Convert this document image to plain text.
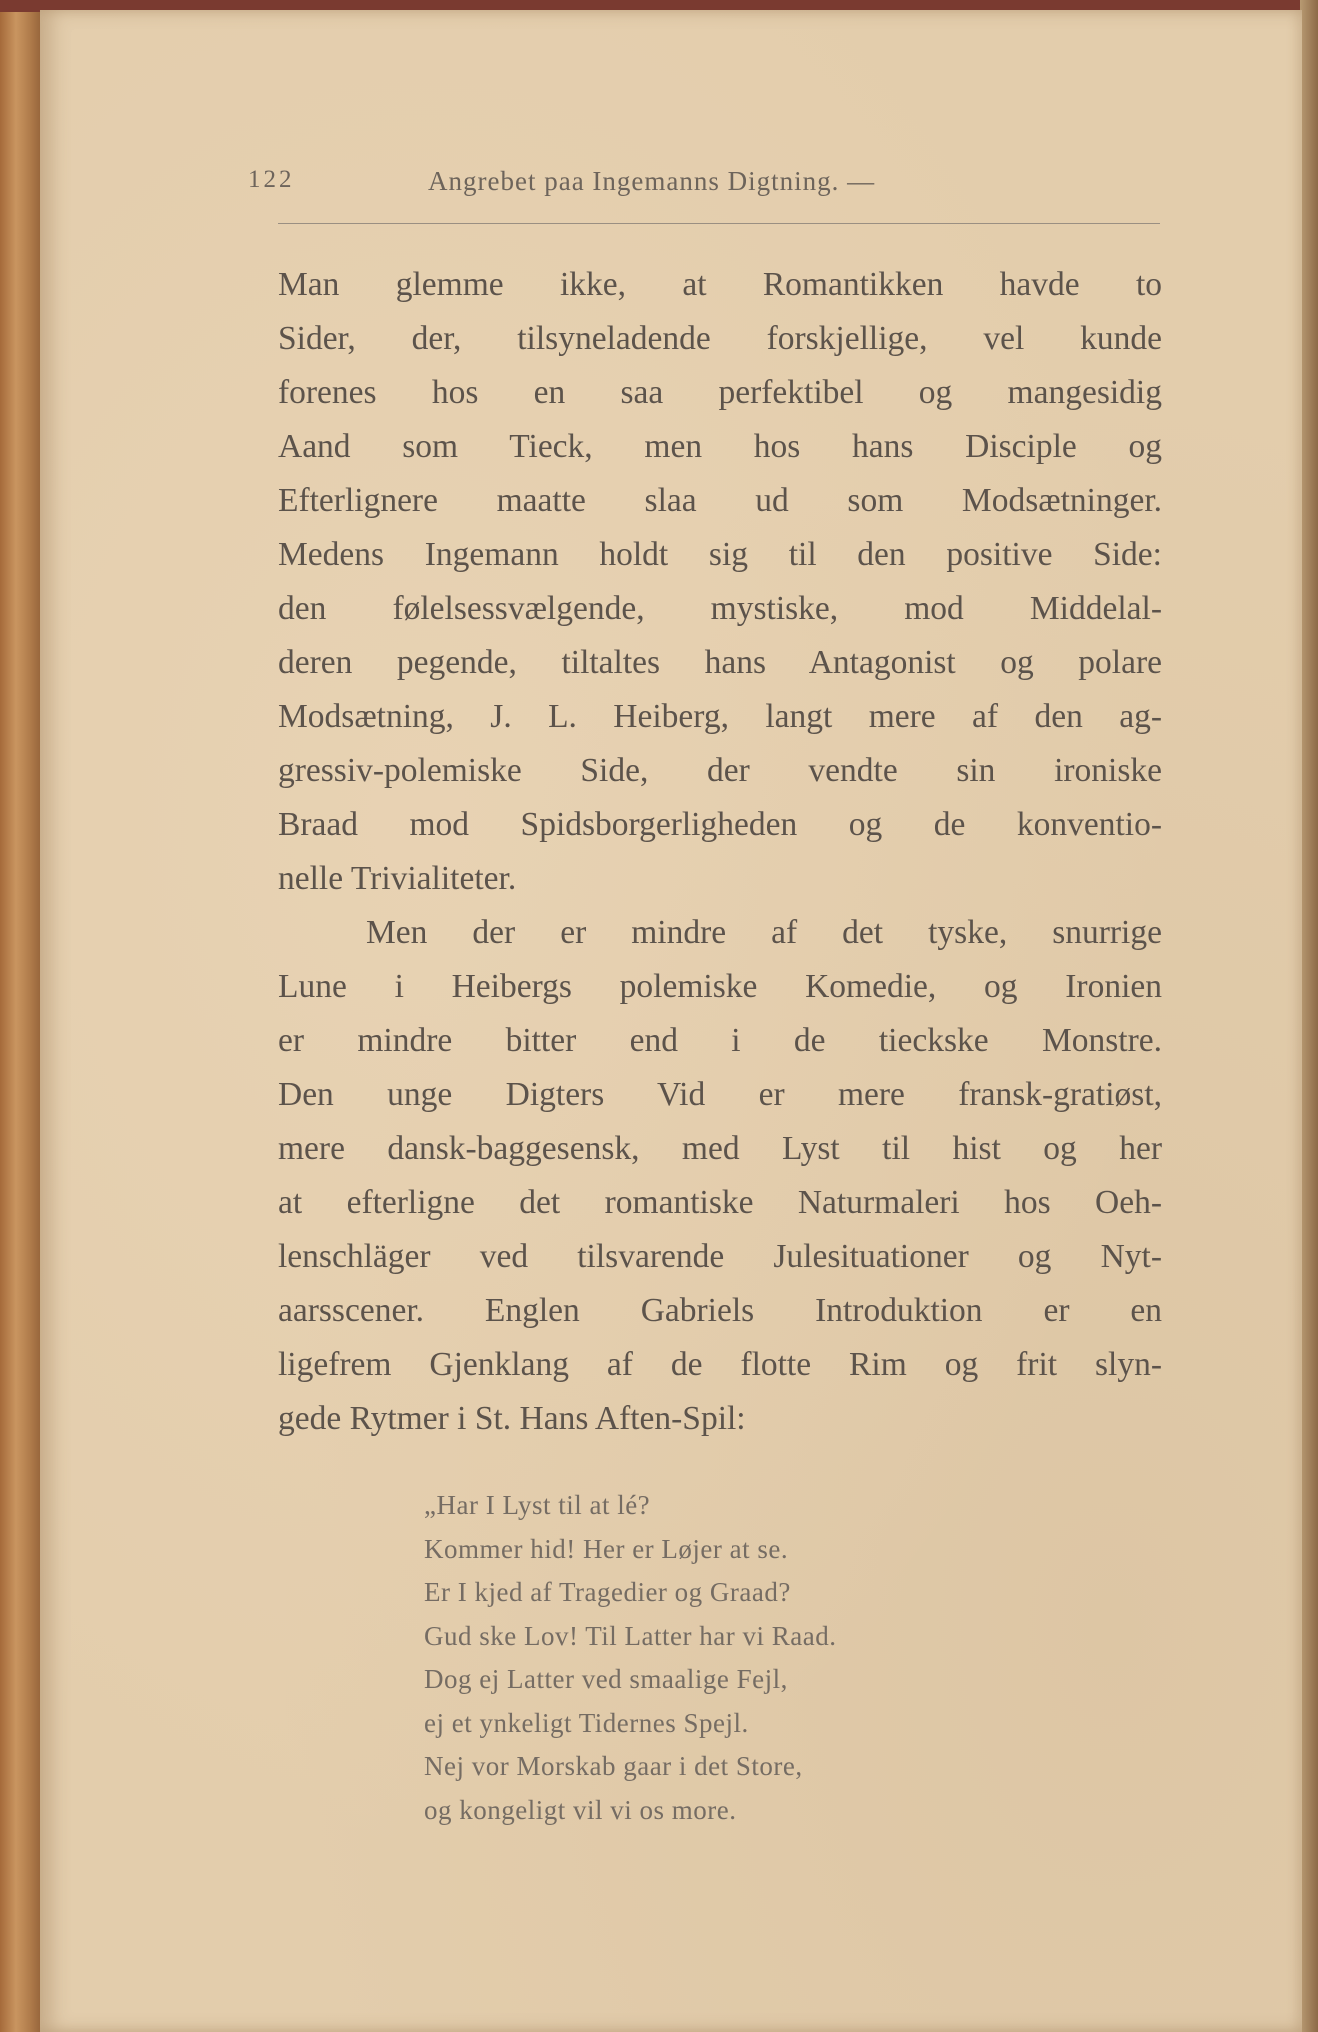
122	Angrebet paa Ingemanns Digtning. —
Man glemme ikke, at Romantikken havde to
Sider, der, tilsyneladende forskjellige, vel kunde
forenes hos en saa perfektibel og mangesidig
Aand som Tieck, men hos hans Disciple og
Efterlignere maatte slaa ud som Modsætninger.
Medens Ingemann holdt sig til den positive Side:
den følelsessvælgende, mystiske, mod Middelal-
deren pegende, tiltaltes hans Antagonist og polare
Modsætning, J. L. Heiberg, langt mere af den ag-
gressiv-polemiske Side, der vendte sin ironiske
Braad mod Spidsborgerligheden og de konventio-
nelle Trivialiteter.
Men der er mindre af det tyske, snurrige
Lune i Heibergs polemiske Komedie, og Ironien
er mindre bitter end i de tieckske Monstre.
Den unge Digters Vid er mere fransk-gratiøst,
mere dansk-baggesensk, med Lyst til hist og her
at efterligne det romantiske Naturmaleri hos Oeh-
lenschläger ved tilsvarende Julesituationer og Nyt-
aarsscener. Englen Gabriels Introduktion er en
ligefrem Gjenklang af de flotte Rim og frit slyn-
gede Rytmer i St. Hans Aften-Spil:
„Har I Lyst til at lé?
Kommer hid! Her er Løjer at se.
Er I kjed af Tragedier og Graad?
Gud ske Lov! Til Latter har vi Raad.
Dog ej Latter ved smaalige Fejl,
ej et ynkeligt Tidernes Spejl.
Nej vor Morskab gaar i det Store,
og kongeligt vil vi os more.
